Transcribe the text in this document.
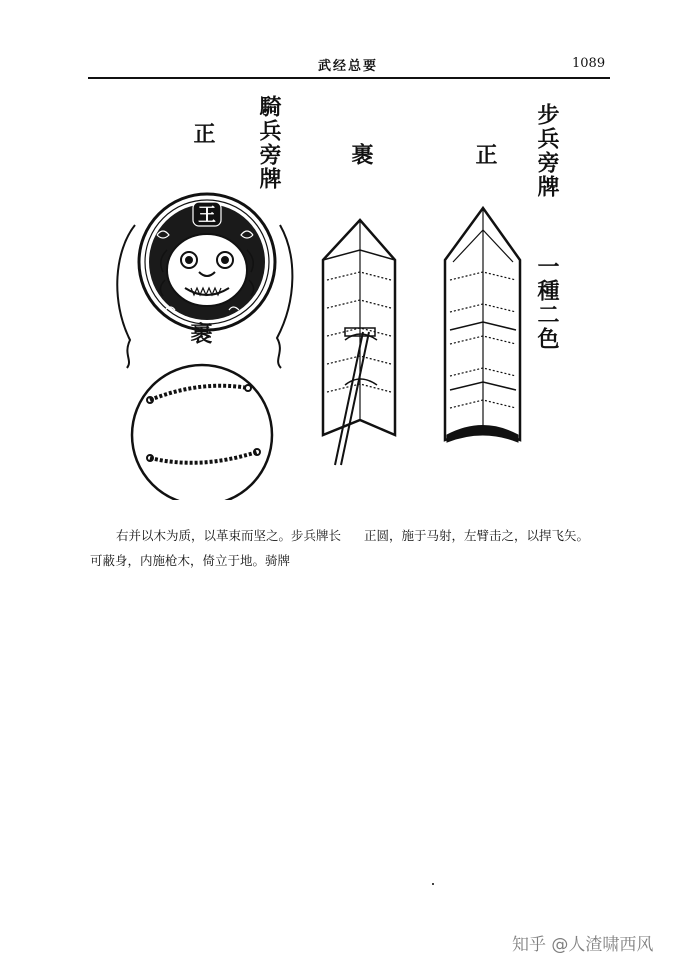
武经总要	1089
騎兵旁牌
正
裹
裹	正 步兵旁牌
一種二色
王
右并以木为质，以革束而坚之。步兵牌长可蔽身，内施枪木，倚立于地。骑牌
正圆，施于马射，左臂击之，以捍飞矢。
知乎 @人渣啸西风
